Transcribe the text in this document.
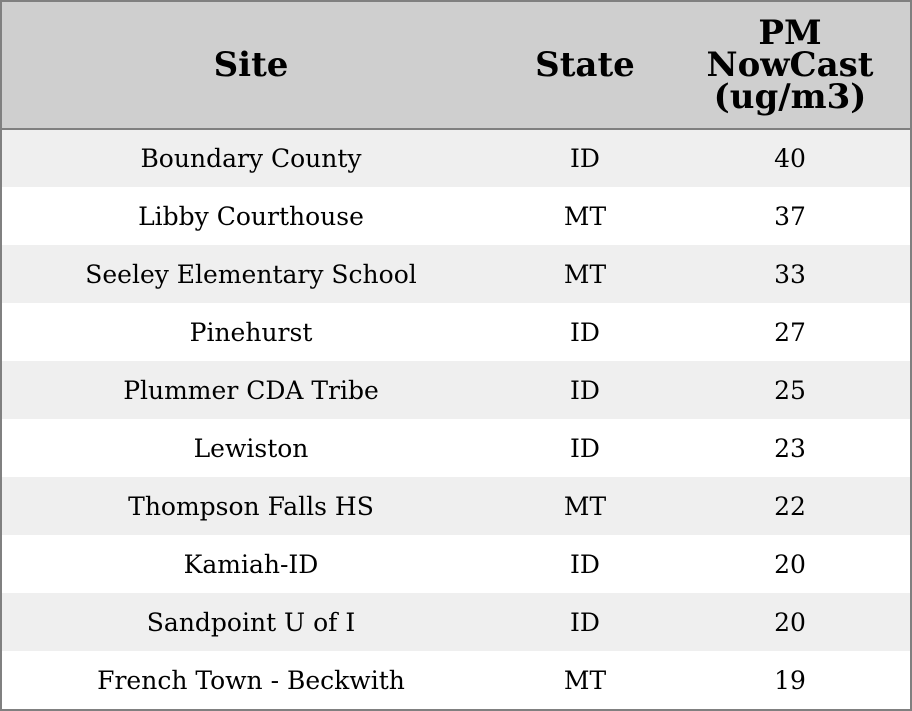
Site	State	PM
NowCast
(ug/m3)

Boundary County	ID	40
Libby Courthouse	MT	37
Seeley Elementary School	MT	33
Pinehurst	ID	27
Plummer CDA Tribe	ID	25
Lewiston	ID	23
Thompson Falls HS	MT	22
Kamiah-ID	ID	20
Sandpoint U of I	ID	20
French Town - Beckwith	MT	19
